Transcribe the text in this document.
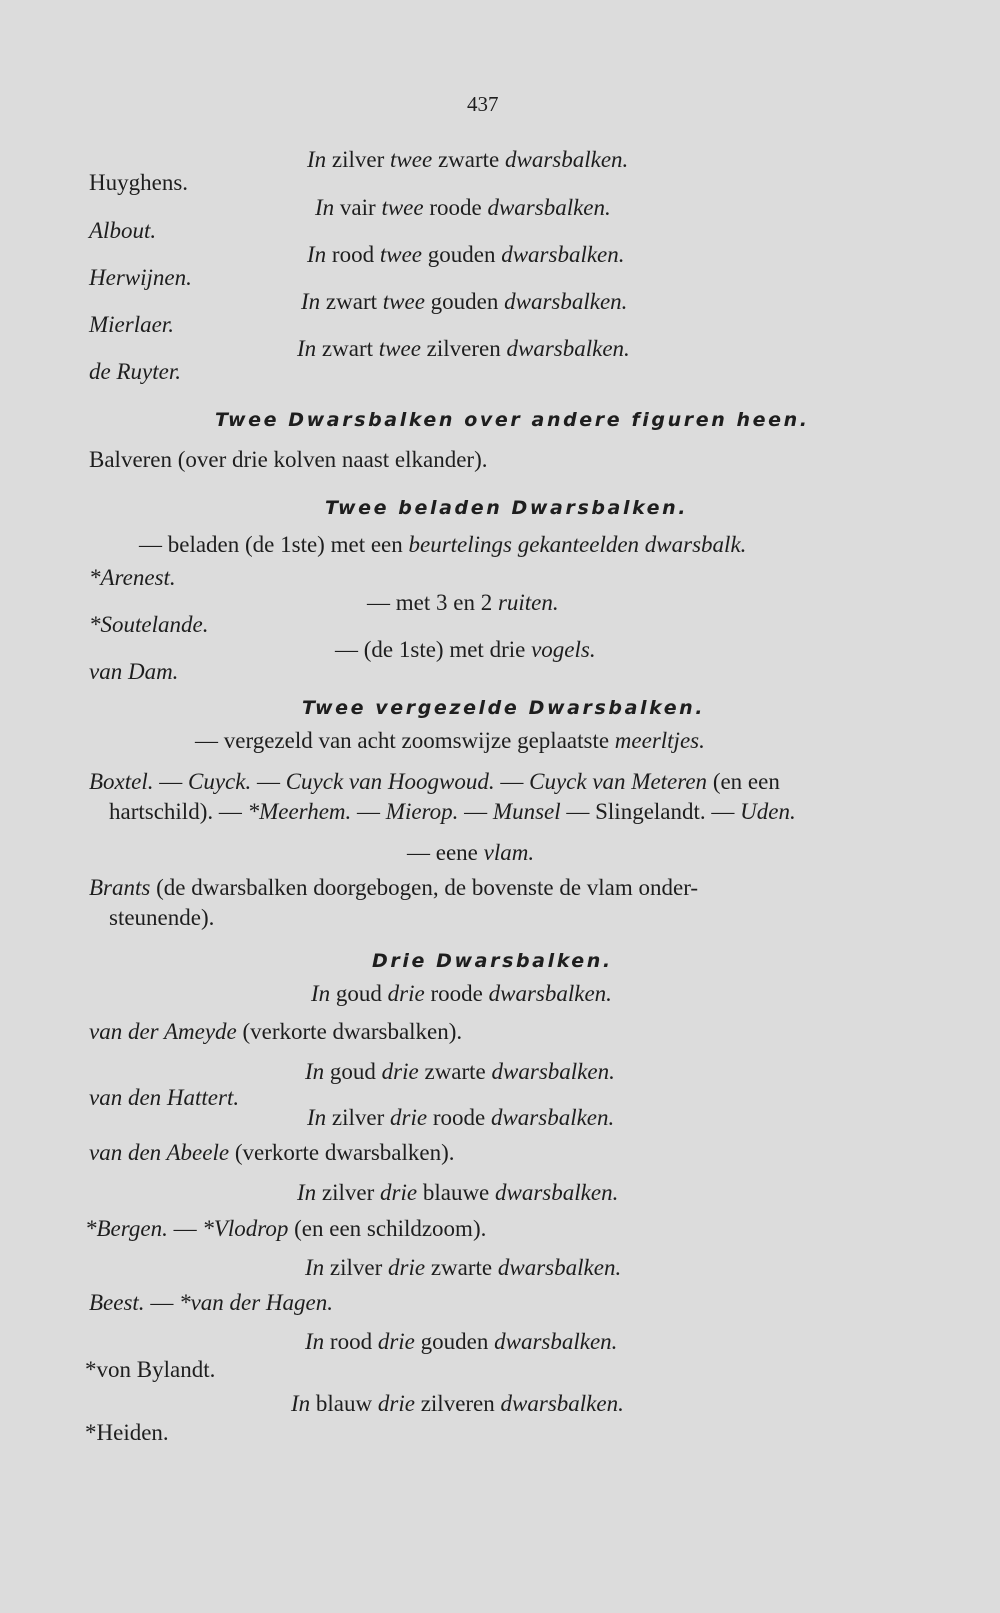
437
In zilver twee zwarte dwarsbalken.
Huyghens.
In vair twee roode dwarsbalken.
Albout.
In rood twee gouden dwarsbalken.
Herwijnen.
In zwart twee gouden dwarsbalken.
Mierlaer.
In zwart twee zilveren dwarsbalken.
de Ruyter.
Twee Dwarsbalken over andere figuren heen.
Balveren (over drie kolven naast elkander).
Twee beladen Dwarsbalken.
— beladen (de 1ste) met een beurtelings gekanteelden dwarsbalk.
*Arenest.
— met 3 en 2 ruiten.
*Soutelande.
— (de 1ste) met drie vogels.
van Dam.
Twee vergezelde Dwarsbalken.
— vergezeld van acht zoomswijze geplaatste meerltjes.
Boxtel. — Cuyck. — Cuyck van Hoogwoud. — Cuyck van Meteren (en een
hartschild). — *Meerhem. — Mierop. — Munsel — Slingelandt. — Uden.
— eene vlam.
Brants (de dwarsbalken doorgebogen, de bovenste de vlam onder-
steunende).
Drie Dwarsbalken.
In goud drie roode dwarsbalken.
van der Ameyde (verkorte dwarsbalken).
In goud drie zwarte dwarsbalken.
van den Hattert.
In zilver drie roode dwarsbalken.
van den Abeele (verkorte dwarsbalken).
In zilver drie blauwe dwarsbalken.
*Bergen. — *Vlodrop (en een schildzoom).
In zilver drie zwarte dwarsbalken.
Beest. — *van der Hagen.
In rood drie gouden dwarsbalken.
*von Bylandt.
In blauw drie zilveren dwarsbalken.
*Heiden.
